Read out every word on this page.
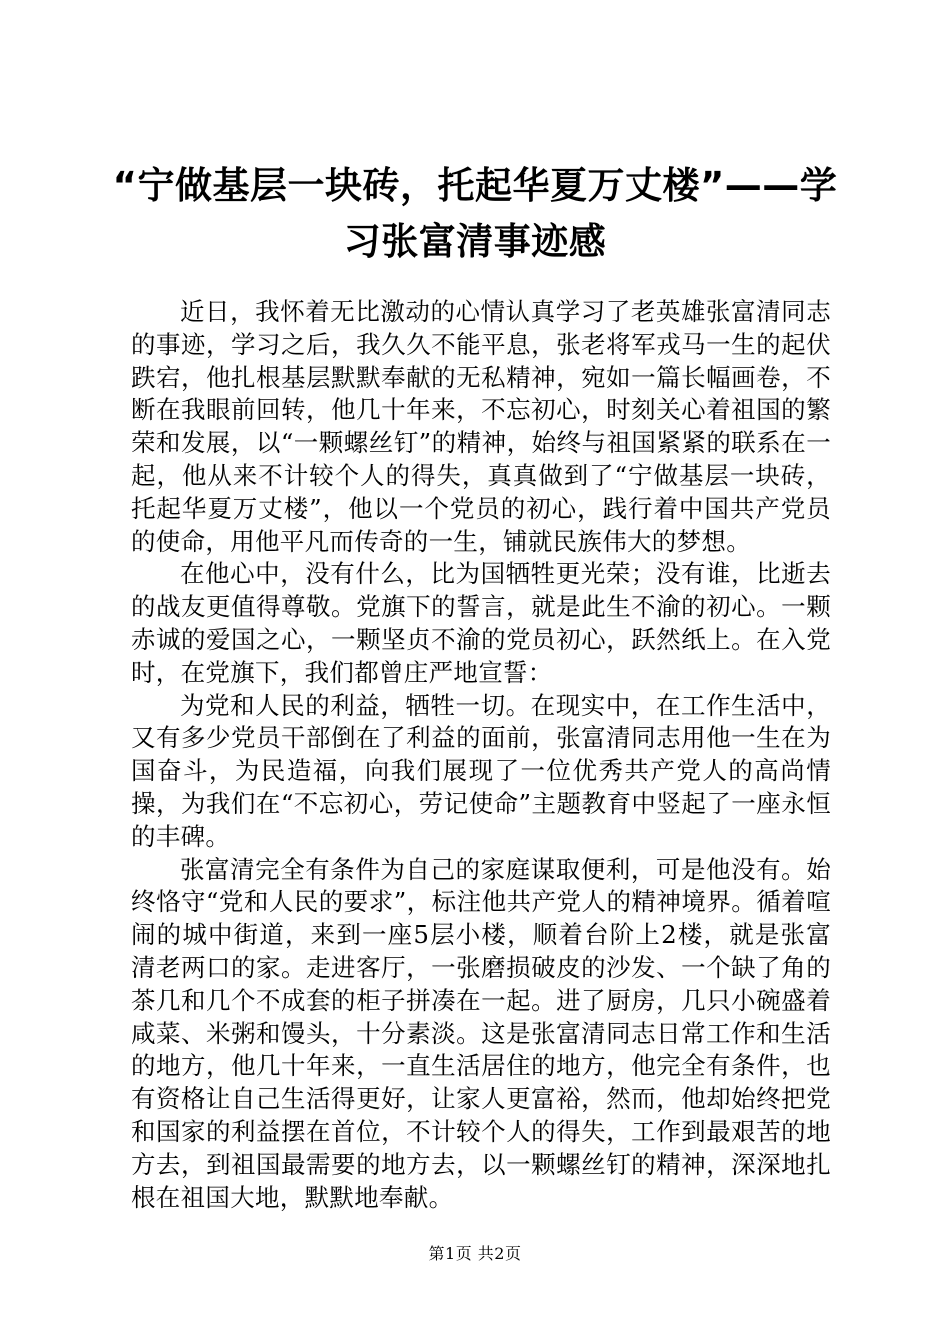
“宁做基层一块砖，托起华夏万丈楼”——学习张富清事迹感

近日，我怀着无比激动的心情认真学习了老英雄张富清同志的事迹，学习之后，我久久不能平息，张老将军戎马一生的起伏跌宕，他扎根基层默默奉献的无私精神，宛如一篇长幅画卷，不断在我眼前回转，他几十年来，不忘初心，时刻关心着祖国的繁荣和发展，以“一颗螺丝钉”的精神，始终与祖国紧紧的联系在一起，他从来不计较个人的得失，真真做到了“宁做基层一块砖，托起华夏万丈楼”，他以一个党员的初心，践行着中国共产党员的使命，用他平凡而传奇的一生，铺就民族伟大的梦想。

在他心中，没有什么，比为国牺牲更光荣；没有谁，比逝去的战友更值得尊敬。党旗下的誓言，就是此生不渝的初心。一颗赤诚的爱国之心，一颗坚贞不渝的党员初心，跃然纸上。在入党时，在党旗下，我们都曾庄严地宣誓：

为党和人民的利益，牺牲一切。在现实中，在工作生活中，又有多少党员干部倒在了利益的面前，张富清同志用他一生在为国奋斗，为民造福，向我们展现了一位优秀共产党人的高尚情操，为我们在“不忘初心，劳记使命”主题教育中竖起了一座永恒的丰碑。

张富清完全有条件为自己的家庭谋取便利，可是他没有。始终恪守“党和人民的要求”，标注他共产党人的精神境界。循着喧闹的城中街道，来到一座5层小楼，顺着台阶上2楼，就是张富清老两口的家。走进客厅，一张磨损破皮的沙发、一个缺了角的茶几和几个不成套的柜子拼凑在一起。进了厨房，几只小碗盛着咸菜、米粥和馒头，十分素淡。这是张富清同志日常工作和生活的地方，他几十年来，一直生活居住的地方，他完全有条件，也有资格让自己生活得更好，让家人更富裕，然而，他却始终把党和国家的利益摆在首位，不计较个人的得失，工作到最艰苦的地方去，到祖国最需要的地方去，以一颗螺丝钉的精神，深深地扎根在祖国大地，默默地奉献。

第1页 共2页
